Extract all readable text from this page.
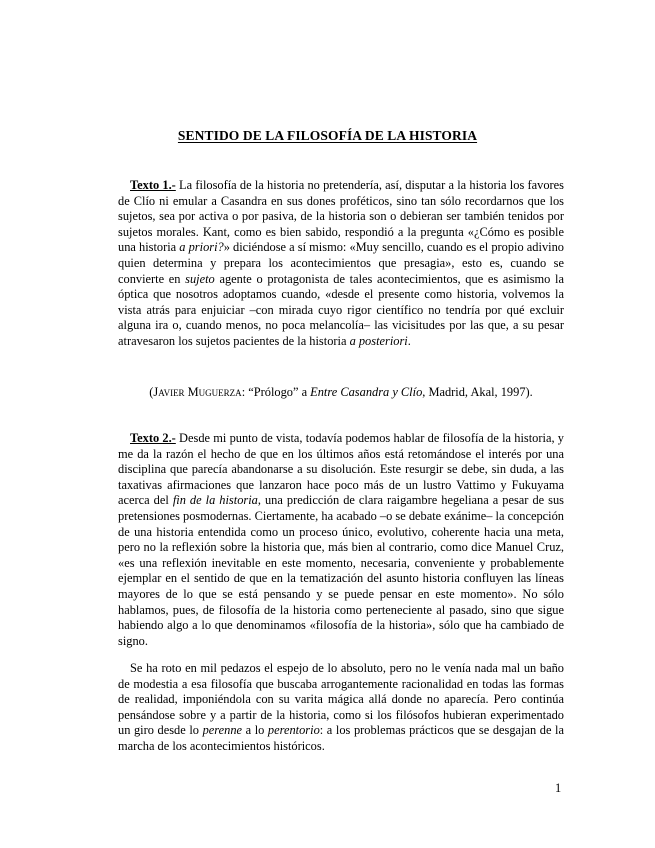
SENTIDO DE LA FILOSOFÍA DE LA HISTORIA
Texto 1.- La filosofía de la historia no pretendería, así, disputar a la historia los favores de Clío ni emular a Casandra en sus dones proféticos, sino tan sólo recordarnos que los sujetos, sea por activa o por pasiva, de la historia son o debieran ser también tenidos por sujetos morales. Kant, como es bien sabido, respondió a la pregunta «¿Cómo es posible una historia a priori?» diciéndose a sí mismo: «Muy sencillo, cuando es el propio adivino quien determina y prepara los acontecimientos que presagia», esto es, cuando se convierte en sujeto agente o protagonista de tales acontecimientos, que es asimismo la óptica que nosotros adoptamos cuando, «desde el presente como historia, volvemos la vista atrás para enjuiciar –con mirada cuyo rigor científico no tendría por qué excluir alguna ira o, cuando menos, no poca melancolía– las vicisitudes por las que, a su pesar atravesaron los sujetos pacientes de la historia a posteriori.
(Javier Muguerza: “Prólogo” a Entre Casandra y Clío, Madrid, Akal, 1997).
Texto 2.- Desde mi punto de vista, todavía podemos hablar de filosofía de la historia, y me da la razón el hecho de que en los últimos años está retomándose el interés por una disciplina que parecía abandonarse a su disolución. Este resurgir se debe, sin duda, a las taxativas afirmaciones que lanzaron hace poco más de un lustro Vattimo y Fukuyama acerca del fin de la historia, una predicción de clara raigambre hegeliana a pesar de sus pretensiones posmodernas. Ciertamente, ha acabado –o se debate exánime– la concepción de una historia entendida como un proceso único, evolutivo, coherente hacia una meta, pero no la reflexión sobre la historia que, más bien al contrario, como dice Manuel Cruz, «es una reflexión inevitable en este momento, necesaria, conveniente y probablemente ejemplar en el sentido de que en la tematización del asunto historia confluyen las líneas mayores de lo que se está pensando y se puede pensar en este momento». No sólo hablamos, pues, de filosofía de la historia como perteneciente al pasado, sino que sigue habiendo algo a lo que denominamos «filosofía de la historia», sólo que ha cambiado de signo.
Se ha roto en mil pedazos el espejo de lo absoluto, pero no le venía nada mal un baño de modestia a esa filosofía que buscaba arrogantemente racionalidad en todas las formas de realidad, imponiéndola con su varita mágica allá donde no aparecía. Pero continúa pensándose sobre y a partir de la historia, como si los filósofos hubieran experimentado un giro desde lo perenne a lo perentorio: a los problemas prácticos que se desgajan de la marcha de los acontecimientos históricos.
1
